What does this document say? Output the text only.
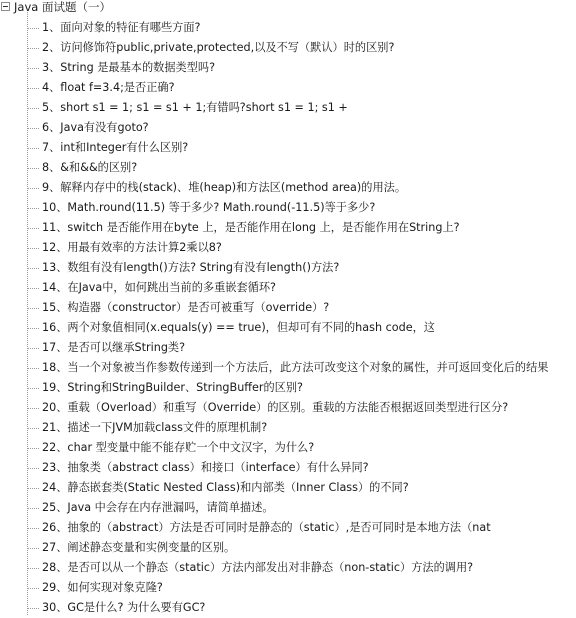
Java 面试题（一）
1、面向对象的特征有哪些方面?
2、访问修饰符public,private,protected,以及不写（默认）时的区别?
3、String 是最基本的数据类型吗?
4、float f=3.4;是否正确?
5、short s1 = 1; s1 = s1 + 1;有错吗?short s1 = 1; s1 +
6、Java有没有goto?
7、int和Integer有什么区别?
8、&和&&的区别?
9、解释内存中的栈(stack)、堆(heap)和方法区(method area)的用法。
10、Math.round(11.5) 等于多少? Math.round(-11.5)等于多少?
11、switch 是否能作用在byte 上，是否能作用在long 上，是否能作用在String上?
12、用最有效率的方法计算2乘以8?
13、数组有没有length()方法? String有没有length()方法?
14、在Java中，如何跳出当前的多重嵌套循环?
15、构造器（constructor）是否可被重写（override）?
16、两个对象值相同(x.equals(y) == true)，但却可有不同的hash code，这
17、是否可以继承String类?
18、当一个对象被当作参数传递到一个方法后，此方法可改变这个对象的属性，并可返回变化后的结果
19、String和StringBuilder、StringBuffer的区别?
20、重载（Overload）和重写（Override）的区别。重载的方法能否根据返回类型进行区分?
21、描述一下JVM加载class文件的原理机制?
22、char 型变量中能不能存贮一个中文汉字，为什么?
23、抽象类（abstract class）和接口（interface）有什么异同?
24、静态嵌套类(Static Nested Class)和内部类（Inner Class）的不同?
25、Java 中会存在内存泄漏吗，请简单描述。
26、抽象的（abstract）方法是否可同时是静态的（static）,是否可同时是本地方法（nat
27、阐述静态变量和实例变量的区别。
28、是否可以从一个静态（static）方法内部发出对非静态（non-static）方法的调用?
29、如何实现对象克隆?
30、GC是什么? 为什么要有GC?
